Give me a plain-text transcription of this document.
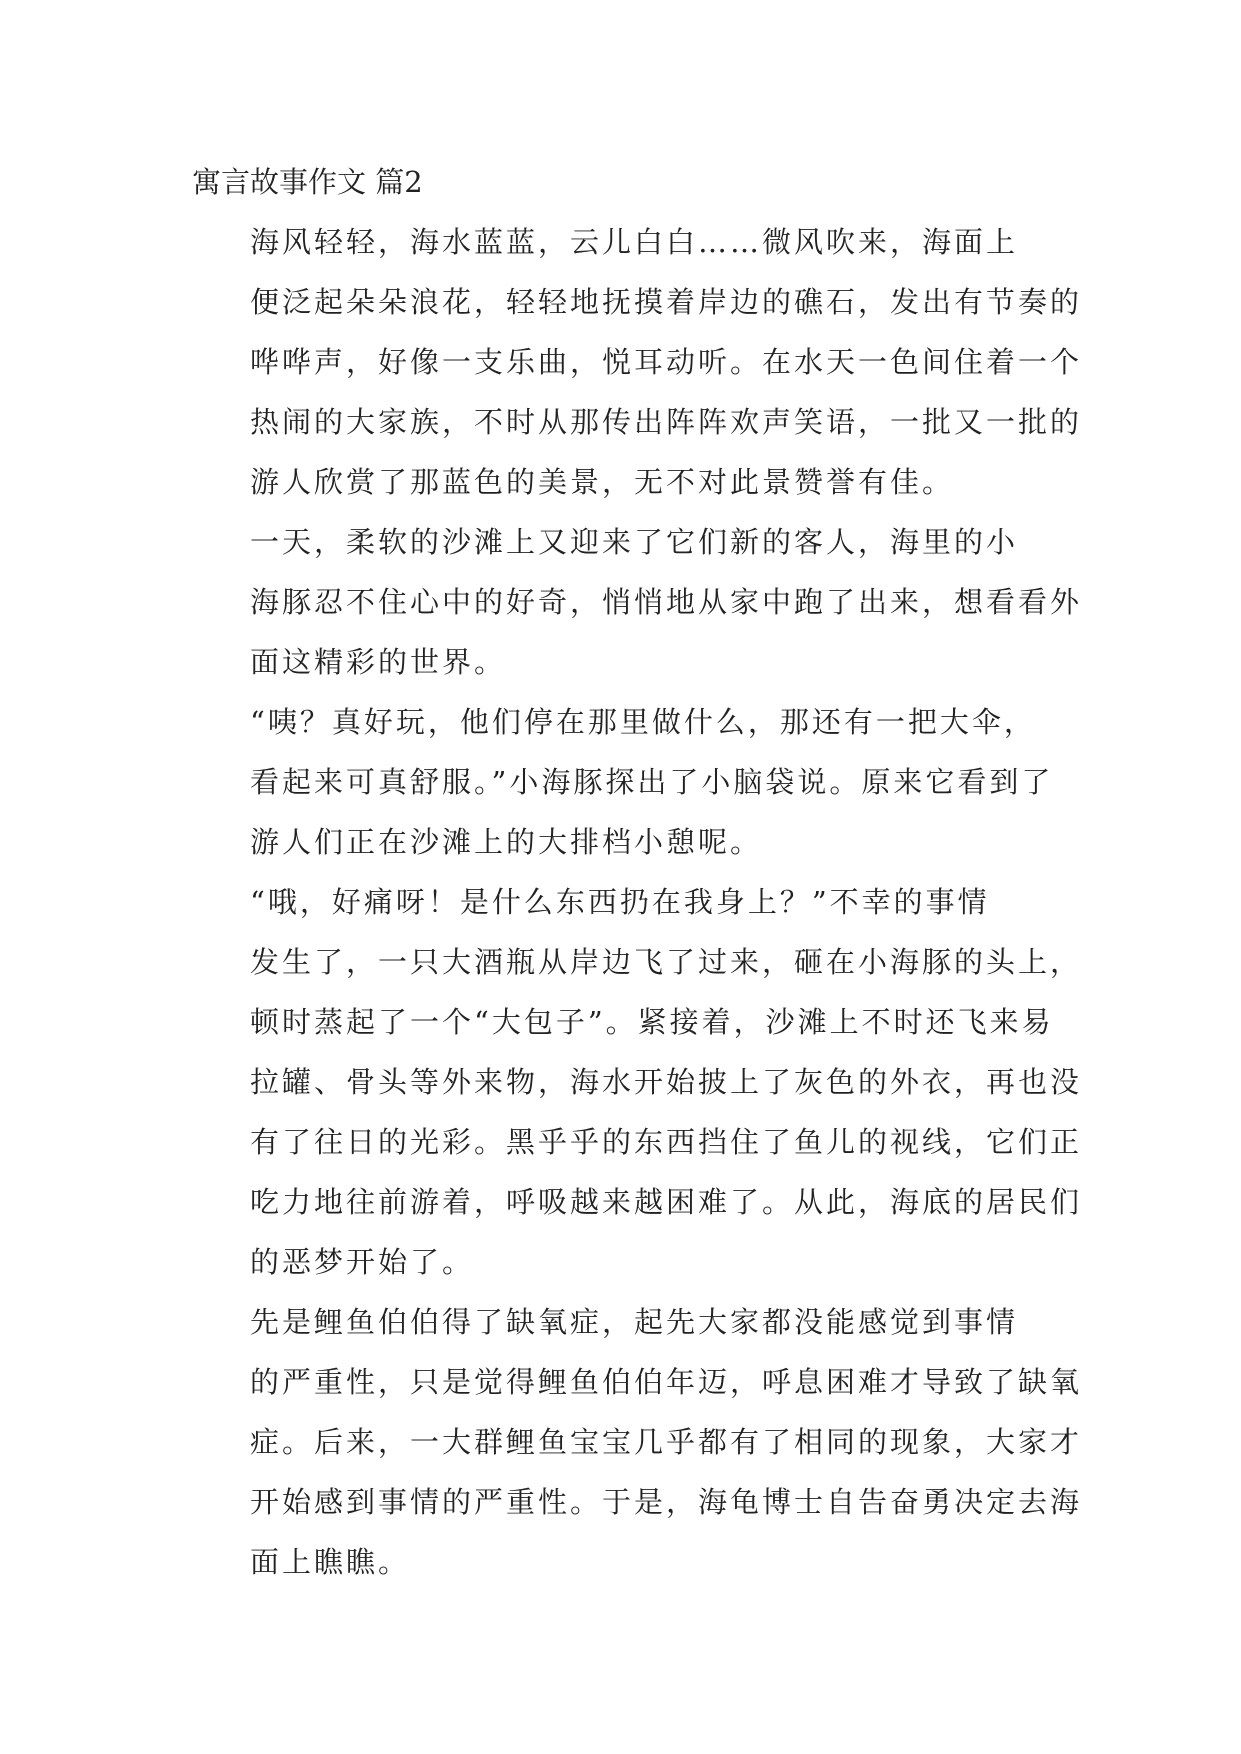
寓言故事作文 篇2

海风轻轻，海水蓝蓝，云儿白白……微风吹来，海面上
便泛起朵朵浪花，轻轻地抚摸着岸边的礁石，发出有节奏的
哗哗声，好像一支乐曲，悦耳动听。在水天一色间住着一个
热闹的大家族，不时从那传出阵阵欢声笑语，一批又一批的
游人欣赏了那蓝色的美景，无不对此景赞誉有佳。

一天，柔软的沙滩上又迎来了它们新的客人，海里的小
海豚忍不住心中的好奇，悄悄地从家中跑了出来，想看看外
面这精彩的世界。

“咦？真好玩，他们停在那里做什么，那还有一把大伞，
看起来可真舒服。”小海豚探出了小脑袋说。原来它看到了
游人们正在沙滩上的大排档小憩呢。

“哦，好痛呀！是什么东西扔在我身上？”不幸的事情
发生了，一只大酒瓶从岸边飞了过来，砸在小海豚的头上，
顿时蒸起了一个“大包子”。紧接着，沙滩上不时还飞来易
拉罐、骨头等外来物，海水开始披上了灰色的外衣，再也没
有了往日的光彩。黑乎乎的东西挡住了鱼儿的视线，它们正
吃力地往前游着，呼吸越来越困难了。从此，海底的居民们
的恶梦开始了。

先是鲤鱼伯伯得了缺氧症，起先大家都没能感觉到事情
的严重性，只是觉得鲤鱼伯伯年迈，呼息困难才导致了缺氧
症。后来，一大群鲤鱼宝宝几乎都有了相同的现象，大家才
开始感到事情的严重性。于是，海龟博士自告奋勇决定去海
面上瞧瞧。
